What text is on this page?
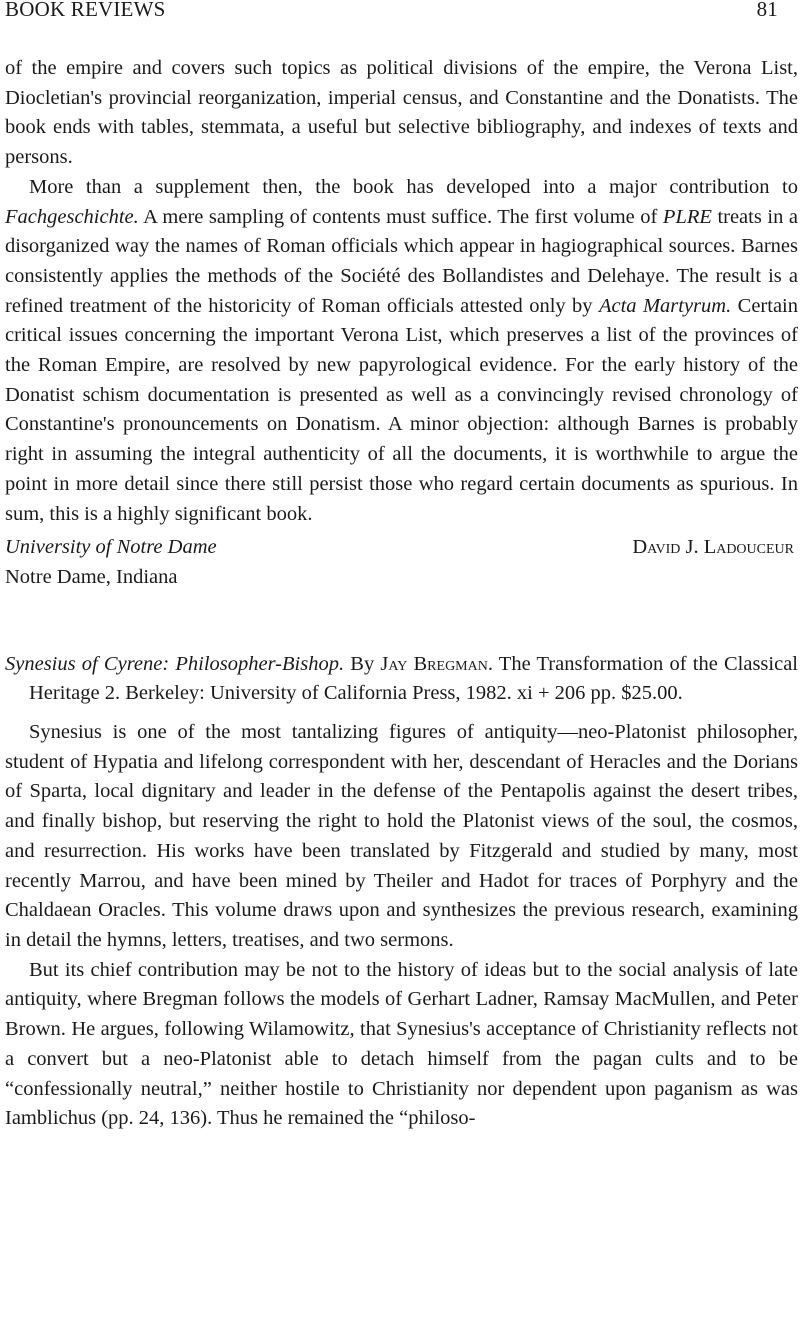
BOOK REVIEWS	81

of the empire and covers such topics as political divisions of the empire, the Verona List, Diocletian's provincial reorganization, imperial census, and Constantine and the Donatists. The book ends with tables, stemmata, a useful but selective bibliography, and indexes of texts and persons.

More than a supplement then, the book has developed into a major contribution to Fachgeschichte. A mere sampling of contents must suffice. The first volume of PLRE treats in a disorganized way the names of Roman officials which appear in hagiographical sources. Barnes consistently applies the methods of the Société des Bollandistes and Delehaye. The result is a refined treatment of the historicity of Roman officials attested only by Acta Martyrum. Certain critical issues concerning the important Verona List, which preserves a list of the provinces of the Roman Empire, are resolved by new papyrological evidence. For the early history of the Donatist schism documentation is presented as well as a convincingly revised chronology of Constantine's pronouncements on Donatism. A minor objection: although Barnes is probably right in assuming the integral authenticity of all the documents, it is worthwhile to argue the point in more detail since there still persist those who regard certain documents as spurious. In sum, this is a highly significant book.

University of Notre Dame	David J. Ladouceur
Notre Dame, Indiana

Synesius of Cyrene: Philosopher-Bishop. By Jay Bregman. The Transformation of the Classical Heritage 2. Berkeley: University of California Press, 1982. xi + 206 pp. $25.00.

Synesius is one of the most tantalizing figures of antiquity—neo-Platonist philosopher, student of Hypatia and lifelong correspondent with her, descendant of Heracles and the Dorians of Sparta, local dignitary and leader in the defense of the Pentapolis against the desert tribes, and finally bishop, but reserving the right to hold the Platonist views of the soul, the cosmos, and resurrection. His works have been translated by Fitzgerald and studied by many, most recently Marrou, and have been mined by Theiler and Hadot for traces of Porphyry and the Chaldaean Oracles. This volume draws upon and synthesizes the previous research, examining in detail the hymns, letters, treatises, and two sermons.

But its chief contribution may be not to the history of ideas but to the social analysis of late antiquity, where Bregman follows the models of Gerhart Ladner, Ramsay MacMullen, and Peter Brown. He argues, following Wilamowitz, that Synesius's acceptance of Christianity reflects not a convert but a neo-Platonist able to detach himself from the pagan cults and to be “confessionally neutral,” neither hostile to Christianity nor dependent upon paganism as was Iamblichus (pp. 24, 136). Thus he remained the “philoso-
